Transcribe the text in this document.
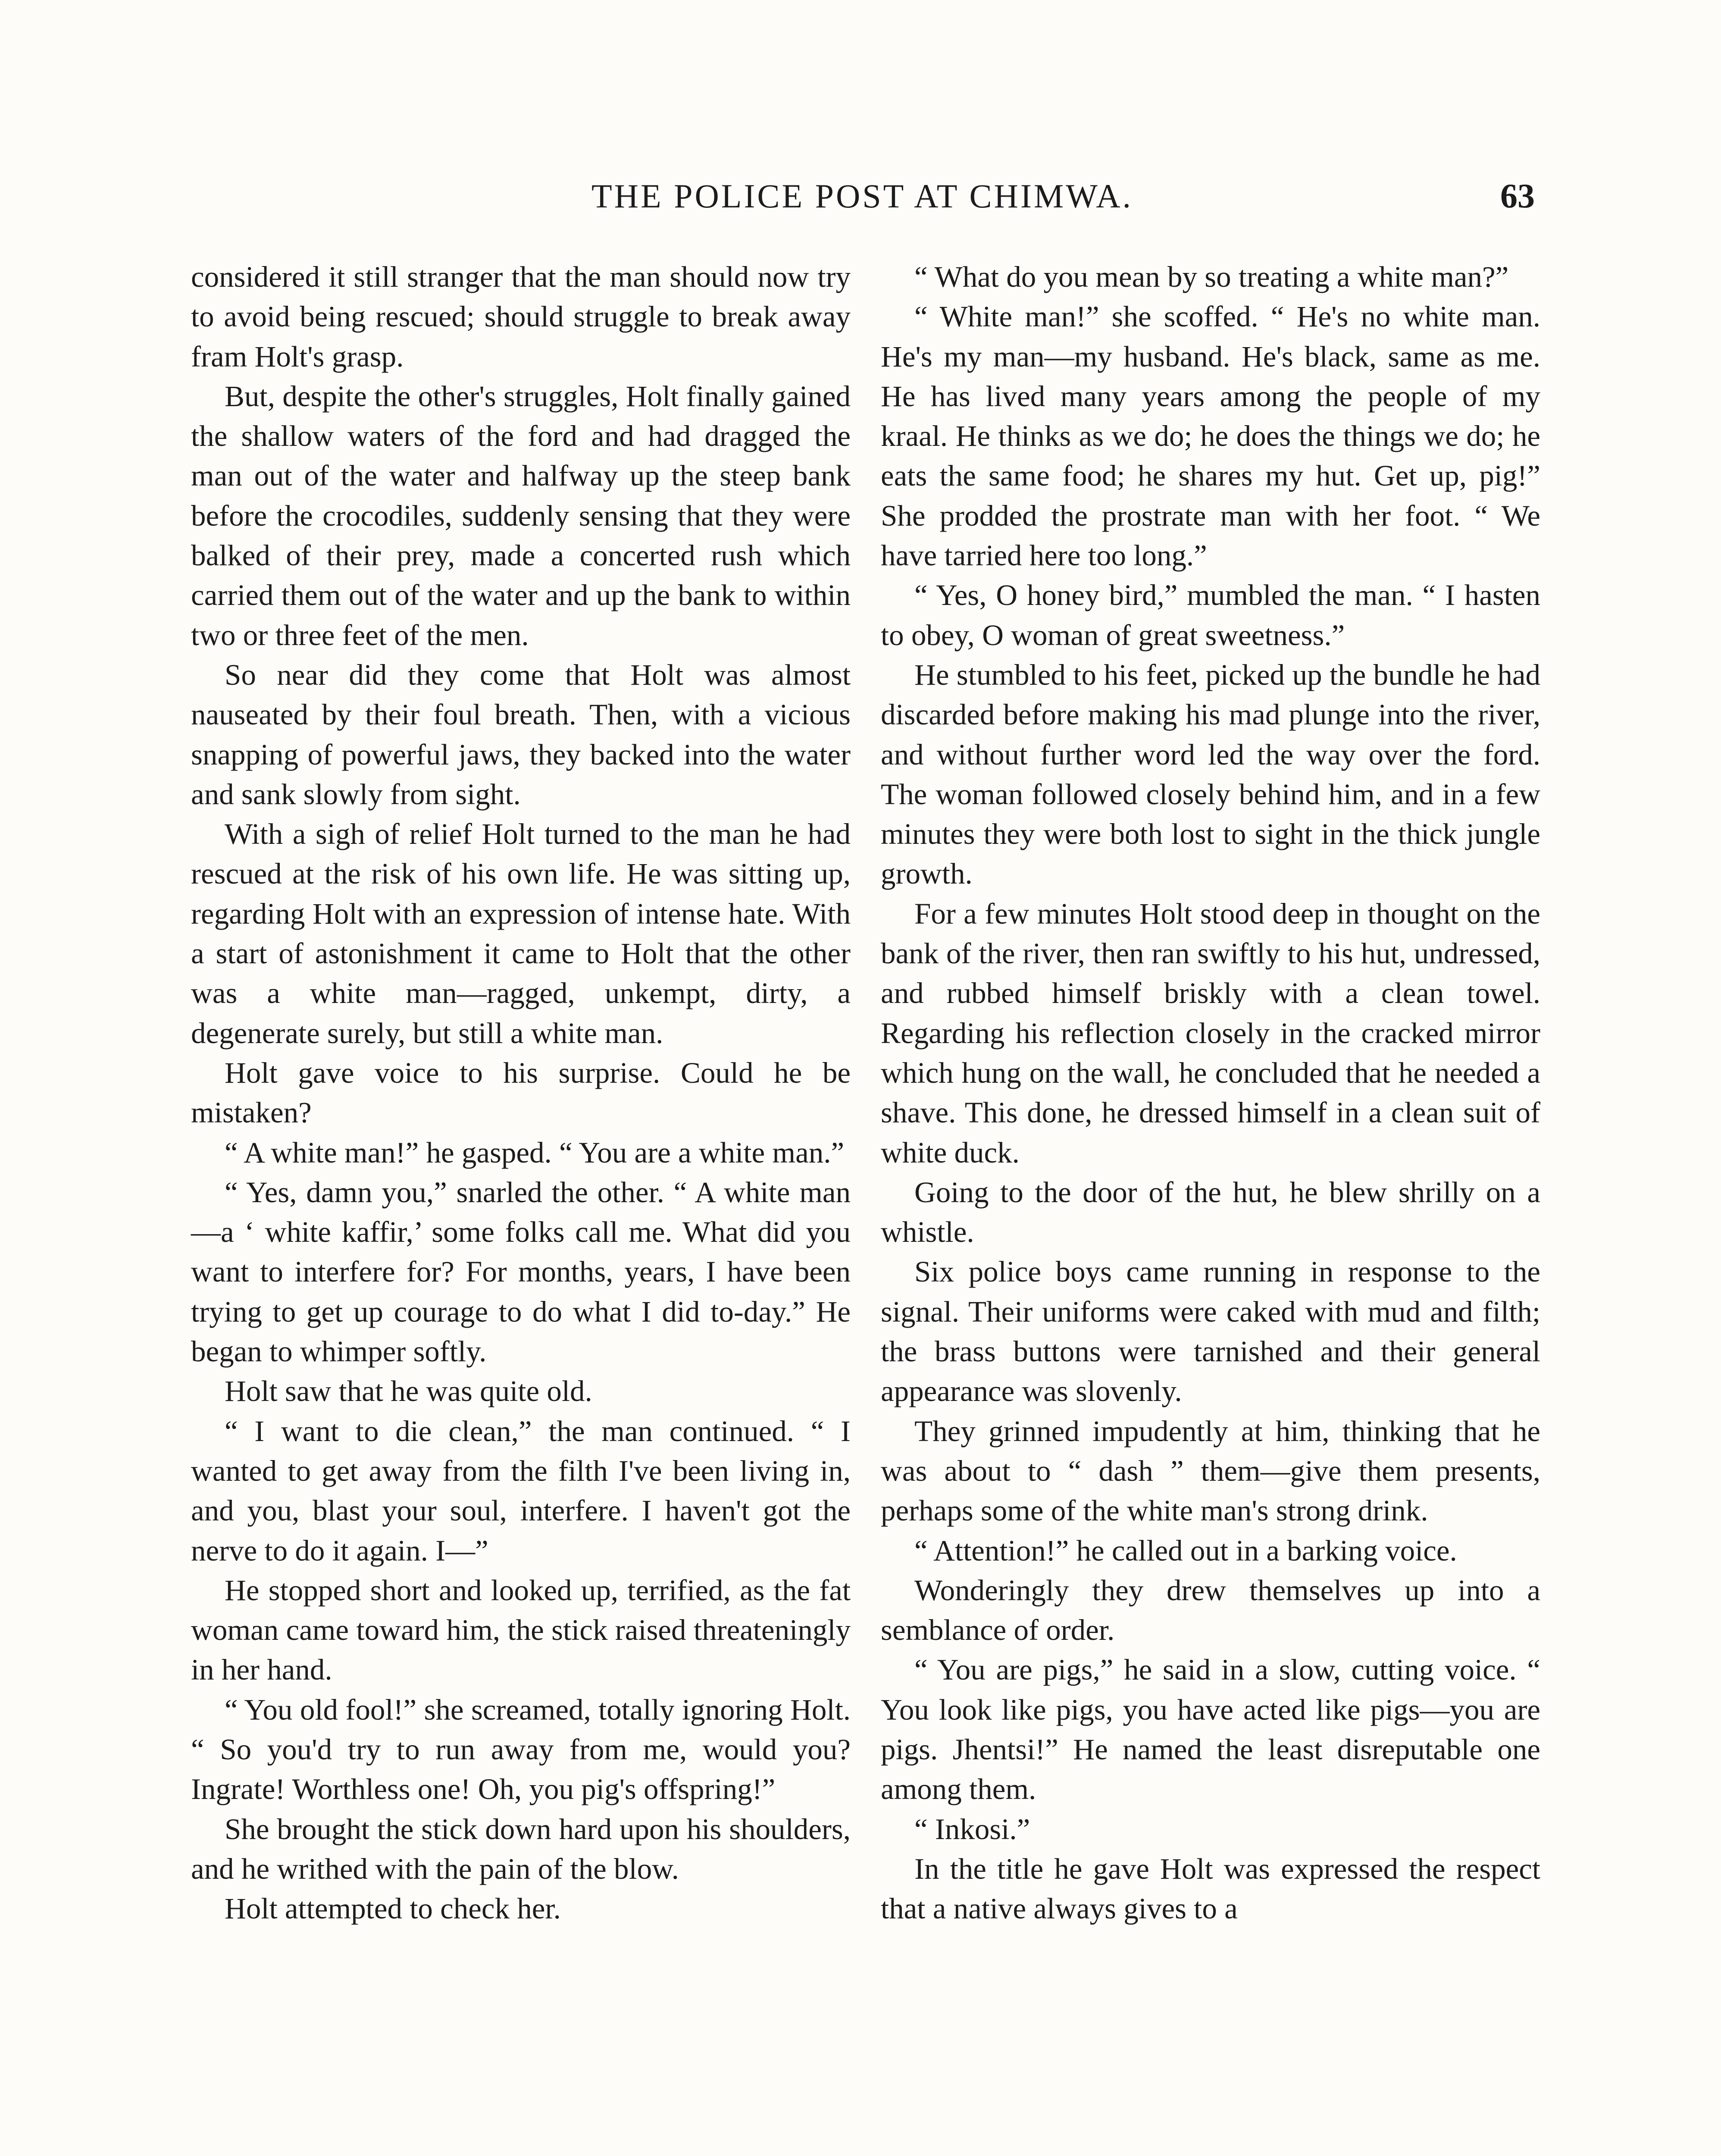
THE POLICE POST AT CHIMWA.	63

considered it still stranger that the man should now try to avoid being rescued; should struggle to break away fram Holt's grasp.

But, despite the other's struggles, Holt finally gained the shallow waters of the ford and had dragged the man out of the water and halfway up the steep bank before the crocodiles, suddenly sensing that they were balked of their prey, made a concerted rush which carried them out of the water and up the bank to within two or three feet of the men.

So near did they come that Holt was almost nauseated by their foul breath. Then, with a vicious snapping of powerful jaws, they backed into the water and sank slowly from sight.

With a sigh of relief Holt turned to the man he had rescued at the risk of his own life. He was sitting up, regarding Holt with an expression of intense hate. With a start of astonishment it came to Holt that the other was a white man—ragged, unkempt, dirty, a degenerate surely, but still a white man.

Holt gave voice to his surprise. Could he be mistaken?

“ A white man!” he gasped. “ You are a white man.”

“ Yes, damn you,” snarled the other. “ A white man—a ‘ white kaffir,’ some folks call me. What did you want to interfere for? For months, years, I have been trying to get up courage to do what I did to-day.” He began to whimper softly.

Holt saw that he was quite old.

“ I want to die clean,” the man continued. “ I wanted to get away from the filth I've been living in, and you, blast your soul, interfere. I haven't got the nerve to do it again. I—”

He stopped short and looked up, terrified, as the fat woman came toward him, the stick raised threateningly in her hand.

“ You old fool!” she screamed, totally ignoring Holt. “ So you'd try to run away from me, would you? Ingrate! Worthless one! Oh, you pig's offspring!”

She brought the stick down hard upon his shoulders, and he writhed with the pain of the blow.

Holt attempted to check her.

“ What do you mean by so treating a white man?”

“ White man!” she scoffed. “ He's no white man. He's my man—my husband. He's black, same as me. He has lived many years among the people of my kraal. He thinks as we do; he does the things we do; he eats the same food; he shares my hut. Get up, pig!” She prodded the prostrate man with her foot. “ We have tarried here too long.”

“ Yes, O honey bird,” mumbled the man. “ I hasten to obey, O woman of great sweetness.”

He stumbled to his feet, picked up the bundle he had discarded before making his mad plunge into the river, and without further word led the way over the ford. The woman followed closely behind him, and in a few minutes they were both lost to sight in the thick jungle growth.

For a few minutes Holt stood deep in thought on the bank of the river, then ran swiftly to his hut, undressed, and rubbed himself briskly with a clean towel. Regarding his reflection closely in the cracked mirror which hung on the wall, he concluded that he needed a shave. This done, he dressed himself in a clean suit of white duck.

Going to the door of the hut, he blew shrilly on a whistle.

Six police boys came running in response to the signal. Their uniforms were caked with mud and filth; the brass buttons were tarnished and their general appearance was slovenly.

They grinned impudently at him, thinking that he was about to “ dash ” them—give them presents, perhaps some of the white man's strong drink.

“ Attention!” he called out in a barking voice.

Wonderingly they drew themselves up into a semblance of order.

“ You are pigs,” he said in a slow, cutting voice. “ You look like pigs, you have acted like pigs—you are pigs. Jhentsi!” He named the least disreputable one among them.

“ Inkosi.”

In the title he gave Holt was expressed the respect that a native always gives to a
